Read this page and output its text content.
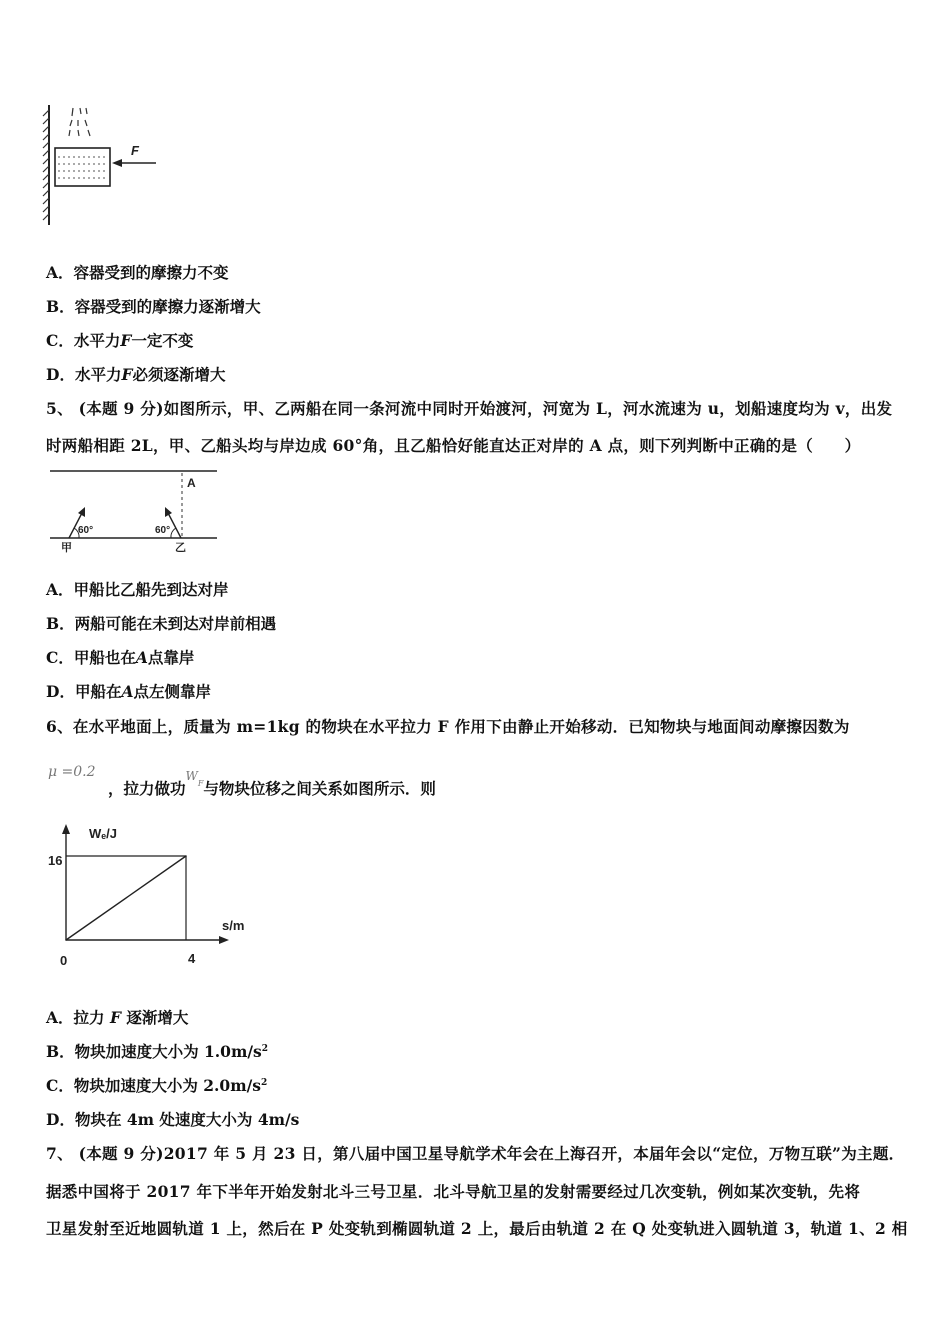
F
A．容器受到的摩擦力不变
B．容器受到的摩擦力逐渐增大
C．水平力F一定不变
D．水平力F必须逐渐增大
5、 (本题 9 分)如图所示，甲、乙两船在同一条河流中同时开始渡河，河宽为 L，河水流速为 u，划船速度均为 v，出发
时两船相距 2L，甲、乙船头均与岸边成 60°角，且乙船恰好能直达正对岸的 A 点，则下列判断中正确的是（　　）
A
60°
甲
60°
乙
A．甲船比乙船先到达对岸
B．两船可能在未到达对岸前相遇
C．甲船也在A点靠岸
D．甲船在A点左侧靠岸
6、在水平地面上，质量为 m=1kg 的物块在水平拉力 F 作用下由静止开始移动．已知物块与地面间动摩擦因数为
μ =0.2
，拉力做功$^{W_F}$与物块位移之间关系如图所示．则
Wₑ/J
s/m
16
0	4
A．拉力 F 逐渐增大
B．物块加速度大小为 $1.0m/s^2$
C．物块加速度大小为 $2.0m/s^2$
D．物块在 4m 处速度大小为 4m/s
7、 (本题 9 分)2017 年 5 月 23 日，第八届中国卫星导航学术年会在上海召开，本届年会以“定位，万物互联”为主题．
据悉中国将于 2017 年下半年开始发射北斗三号卫星．北斗导航卫星的发射需要经过几次变轨，例如某次变轨，先将
卫星发射至近地圆轨道 1 上，然后在 P 处变轨到椭圆轨道 2 上，最后由轨道 2 在 Q 处变轨进入圆轨道 3，轨道 1、2 相
